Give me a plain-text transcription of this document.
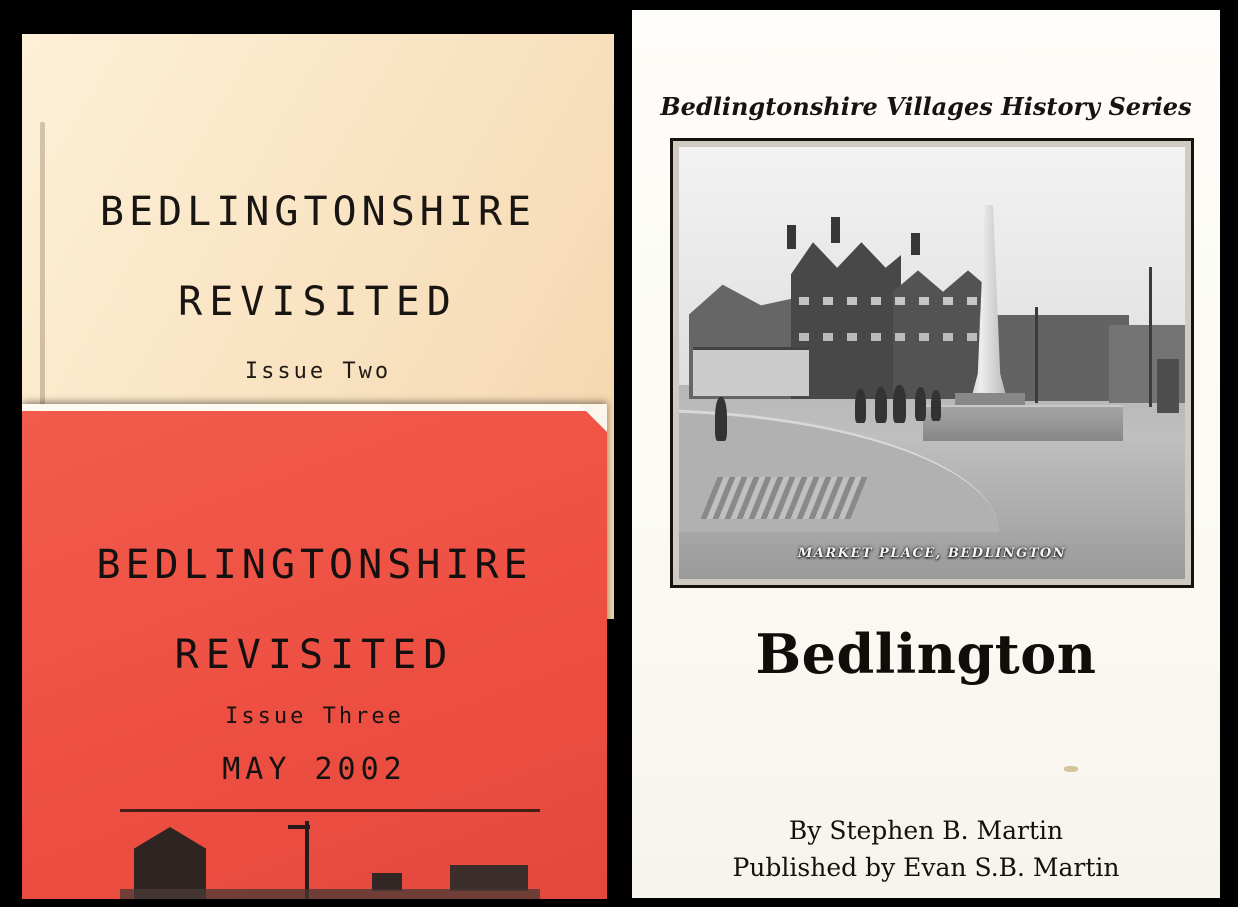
BEDLINGTONSHIRE
REVISITED
Issue Two
BEDLINGTONSHIRE
REVISITED
Issue Three
MAY 2002
Bedlingtonshire Villages History Series
MARKET PLACE, BEDLINGTON
Bedlington
By Stephen B. Martin
Published by Evan S.B. Martin
